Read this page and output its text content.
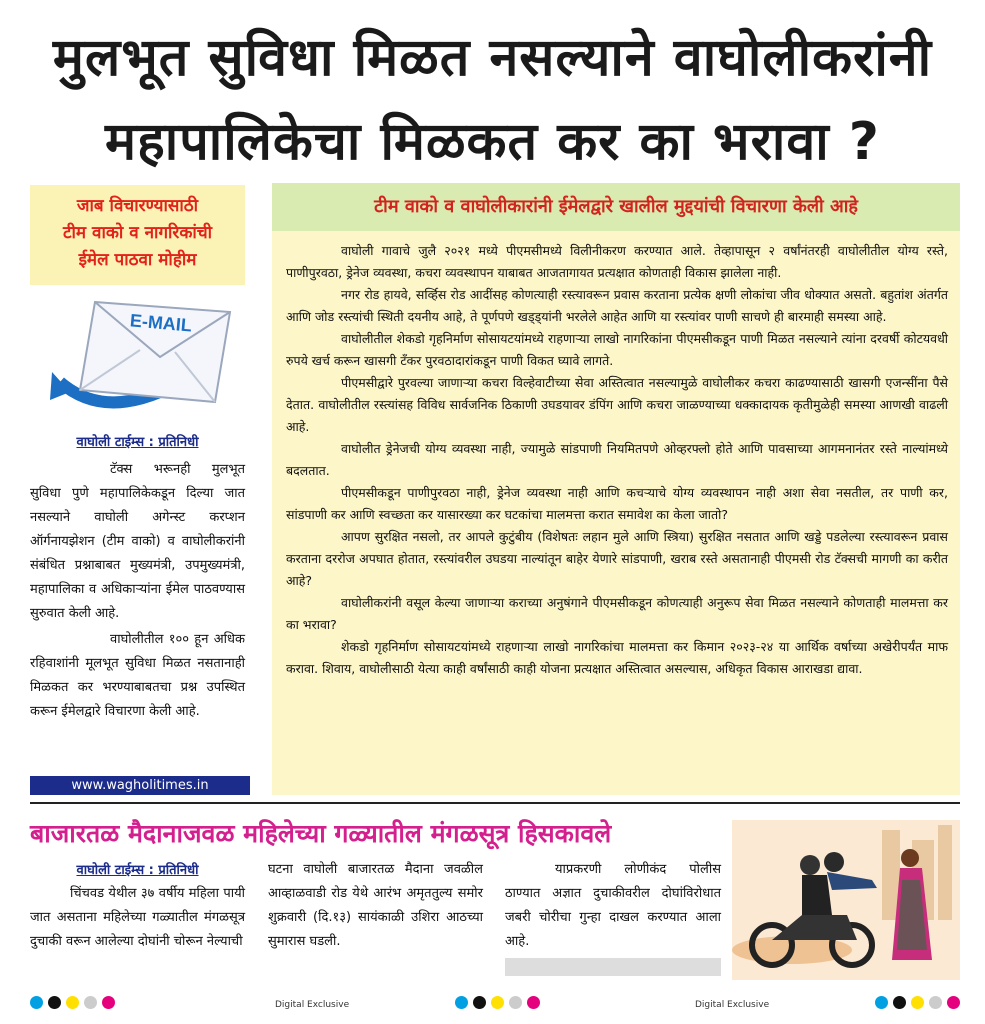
मुलभूत सुविधा मिळत नसल्याने वाघोलीकरांनी
महापालिकेचा मिळकत कर का भरावा ?
जाब विचारण्यासाठी
टीम वाको व नागरिकांची
ईमेल पाठवा मोहीम
E-MAIL
वाघोली टाईम्स : प्रतिनिधी

टॅक्स भरूनही मुलभूत सुविधा पुणे महापालिकेकडून दिल्या जात नसल्याने वाघोली अगेन्स्ट करप्शन ऑर्गनायझेशन (टीम वाको) व वाघोलीकरांनी संबंधित प्रश्नाबाबत मुख्यमंत्री, उपमुख्यमंत्री, महापालिका व अधिकाऱ्यांना ईमेल पाठवण्यास सुरुवात केली आहे.

वाघोलीतील १०० हून अधिक रहिवाशांनी मूलभूत सुविधा मिळत नसतानाही मिळकत कर भरण्याबाबतचा प्रश्न उपस्थित करून ईमेलद्वारे विचारणा केली आहे.

www.wagholitimes.in
टीम वाको व वाघोलीकारांनी ईमेलद्वारे खालील मुद्दयांची विचारणा केली आहे

वाघोली गावाचे जुलै २०२१ मध्ये पीएमसीमध्ये विलीनीकरण करण्यात आले. तेव्हापासून २ वर्षांनंतरही वाघोलीतील योग्य रस्ते, पाणीपुरवठा, ड्रेनेज व्यवस्था, कचरा व्यवस्थापन याबाबत आजतागायत प्रत्यक्षात कोणताही विकास झालेला नाही.

नगर रोड हायवे, सर्व्हिस रोड आदींसह कोणत्याही रस्त्यावरून प्रवास करताना प्रत्येक क्षणी लोकांचा जीव धोक्यात असतो. बहुतांश अंतर्गत आणि जोड रस्त्यांची स्थिती दयनीय आहे, ते पूर्णपणे खड्ड्यांनी भरलेले आहेत आणि या रस्त्यांवर पाणी साचणे ही बारमाही समस्या आहे.

वाघोलीतील शेकडो गृहनिर्माण सोसायटयांमध्ये राहणाऱ्या लाखो नागरिकांना पीएमसीकडून पाणी मिळत नसल्याने त्यांना दरवर्षी कोटयवधी रुपये खर्च करून खासगी टँकर पुरवठादारांकडून पाणी विकत घ्यावे लागते.

पीएमसीद्वारे पुरवल्या जाणाऱ्या कचरा विल्हेवाटीच्या सेवा अस्तित्वात नसल्यामुळे वाघोलीकर कचरा काढण्यासाठी खासगी एजन्सींना पैसे देतात. वाघोलीतील रस्त्यांसह विविध सार्वजनिक ठिकाणी उघडयावर डंपिंग आणि कचरा जाळण्याच्या धक्कादायक कृतीमुळेही समस्या आणखी वाढली आहे.

वाघोलीत ड्रेनेजची योग्य व्यवस्था नाही, ज्यामुळे सांडपाणी नियमितपणे ओव्हरफ्लो होते आणि पावसाच्या आगमनानंतर रस्ते नाल्यांमध्ये बदलतात.

पीएमसीकडून पाणीपुरवठा नाही, ड्रेनेज व्यवस्था नाही आणि कचऱ्याचे योग्य व्यवस्थापन नाही अशा सेवा नसतील, तर पाणी कर, सांडपाणी कर आणि स्वच्छता कर यासारख्या कर घटकांचा मालमत्ता करात समावेश का केला जातो?

आपण सुरक्षित नसलो, तर आपले कुटुंबीय (विशेषतः लहान मुले आणि स्त्रिया) सुरक्षित नसतात आणि खड्डे पडलेल्या रस्त्यावरून प्रवास करताना दररोज अपघात होतात, रस्त्यांवरील उघडया नाल्यांतून बाहेर येणारे सांडपाणी, खराब रस्ते असतानाही पीएमसी रोड टॅक्सची मागणी का करीत आहे?

वाघोलीकरांनी वसूल केल्या जाणाऱ्या कराच्या अनुषंगाने पीएमसीकडून कोणत्याही अनुरूप सेवा मिळत नसल्याने कोणताही मालमत्ता कर का भरावा?

शेकडो गृहनिर्माण सोसायटयांमध्ये राहणाऱ्या लाखो नागरिकांचा मालमत्ता कर किमान २०२३-२४ या आर्थिक वर्षाच्या अखेरीपर्यंत माफ करावा. शिवाय, वाघोलीसाठी येत्या काही वर्षांसाठी काही योजना प्रत्यक्षात अस्तित्वात असल्यास, अधिकृत विकास आराखडा द्यावा.

बाजारतळ मैदानाजवळ महिलेच्या गळ्यातील मंगळसूत्र हिसकावले
वाघोली टाईम्स : प्रतिनिधी
चिंचवड येथील ३७ वर्षीय महिला पायी जात असताना महिलेच्या गळ्यातील मंगळसूत्र दुचाकी वरून आलेल्या दोघांनी चोरून नेल्याची
घटना वाघोली बाजारतळ मैदाना जवळील आव्हाळवाडी रोड येथे आरंभ अमृततुल्य समोर शुक्रवारी (दि.१३) सायंकाळी उशिरा आठच्या सुमारास घडली.
याप्रकरणी लोणीकंद पोलीस ठाण्यात अज्ञात दुचाकीवरील दोघांविरोधात जबरी चोरीचा गुन्हा दाखल करण्यात आला आहे.
Digital Exclusive	Digital Exclusive
